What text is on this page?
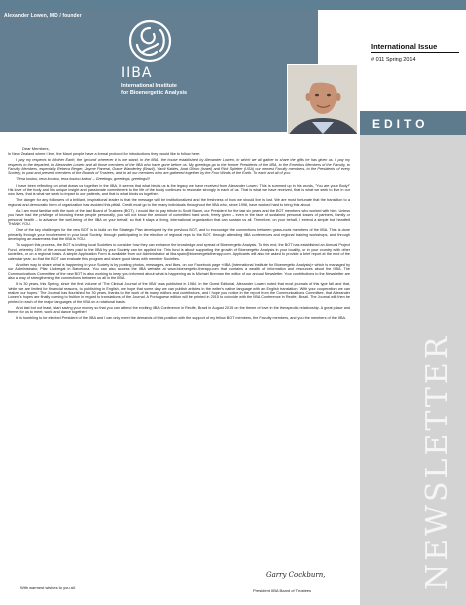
Alexander Lowen, MD / founder
IIBA
International Institute
for Bioenergetic Analysis
International Issue
# 011 Spring 2014
EDITO
NEWSLETTER
Dear Members,

In New Zealand where I live, the Maori people have a formal protocol for introductions they would like to follow here:

I pay my respects to Mother Earth, the 'ground' wherever it is we stand, to the IIBA, the house established by Alexander Lowen, in which we all gather to share the gifts he has given us. I pay my respects to the departed, to Alexander Lowen and all those members of the IIBA who have gone before us. My greetings go to the former Presidents of the IIBA, to the Emeritus Members of the Faculty, to Faculty Members, especially Rebeca Berger, Jayme Panerai, Grace Wanderley (Brazil), Yardi Kaldes, Anat Glhon (Israel) and Rick Spletter (USA) our newest Faculty members, to the Presidents of every Society, to past and present members of the Boards of Trustees, and to all our members who are gathered together by the Four Winds of the Earth. To each and all of you:

'Tena koutou, tena koutou, tena koutou katoa' – Greetings, greetings, greetings!!!

I have been reflecting on what draws us together in the IIBA. It seems that what binds us is the legacy we have received from Alexander Lowen. This is summed up in his words, "You are your Body!" His love of the body and his unique insight and passionate commitment to the life of the body continues to resonate strongly in each of us. That is what we have received, that is what we seek to live in our own lives, that is what we seek to impart to our patients, and that is what binds us together.

The danger for any followers of a brilliant, inspirational leader is that the message will be institutionalized and the freshness of how we should live is lost. We are most fortunate that the transition to a regional and democratic form of organization has avoided this pitfall. Credit must go to the many individuals throughout the IIBA who, since 1996, have worked hard to bring this about.

As I am most familiar with the work of the last Board of Trustees (BOT), I would like to pay tribute to Scott Baum, our President for the last six years and the BOT members who worked with him. Unless you have had the privilege of knowing these people personally, you will not know the amount of committed hard work, freely given – even in the face of sustained personal losses of partners, family or personal health – to advance the well-being of the IIBA on your behalf, so that it stays a living, international organization that can sustain us all. Therefore, on your behalf, I extend a simple but heartfelt THANK YOU.

One of the key challenges for the new BOT is to build on the Strategic Plan developed by the previous BOT, and to encourage the connections between grass-roots members of the IIBA. This is done primarily through your involvement in your local Society, through participating in the election of regional reps to the BOT, through attending IIBA conferences and regional training workshops, and through developing an awareness that the IIBA is YOU.

To support this process, the BOT is inviting local Societies to consider how they can enhance the knowledge and spread of Bioenergetic Analysis. To this end, the BOT has established an Annual Project Fund, whereby 15% of the annual fees paid to the IIBA by your Society can be applied for. This fund is about supporting the growth of Bioenergetic Analysis in your locality, or in your country with other societies, or on a regional basis. A simple Application Form is available from our Administrator at iiba.spain@bioenergetictherapy.com. Applicants will also be asked to provide a brief report at the end of the calendar year, so that the BOT can evaluate this program and share good ideas with member Societies.

Another way to share what is happening in your Society is by posting photos, messages, and likes, on our Facebook page «IIBA (International Institute for Bioenergetic Analysis)» which is managed by our Administrator, Pilar Llobregat in Barcelona. You can also access the IIBA website at www.bioenergetic-therapy.com that contains a wealth of information and resources about the IIBA. The Communications Committee of the new BOT is also working to keep you informed about what is happening as is Michael Brennan the editor of our annual Newsletter. Your contributions to the Newsletter are also a way of strengthening the connections between us all in the IIBA.

It is 30 years, this Spring, since the first volume of 'The Clinical Journal of the IIBA' was published in 1984. In the Guest Editorial, Alexander Lowen noted that most journals of this type fall and that, 'while we are limited for financial reasons, to publishing in English, we hope that some day we can publish articles in the writer's native language with an English translation. With your cooperation we can realize our hopes.' The Journal has flourished for 30 years, thanks to the work of its many editors and contributors, and I hope you notice in the report from the Communications Committee, that Alexander Lowen's hopes are finally coming to fruition in regard to translations of the Journal. A Portuguese edition will be printed in 2015 to coincide with the IIBA Conference in Recife, Brazil. The Journal will then be printed in each of the major languages of the IIBA on a rotational basis.

And last but not least, start saving your money so that you can attend the exciting IIBA Conference in Recife, Brazil in August 2015 on the theme of love in the therapeutic relationship. A great place and theme for us to meet, work and dance together!

It is humbling to be elected President of the IIBA and I can only meet the demands of this position with the support of my fellow BOT members, the Faculty members, and you the members of the IIBA.

Garry Cockburn,
President IIBA Board of Trustees
With warmest wishes to you all.
